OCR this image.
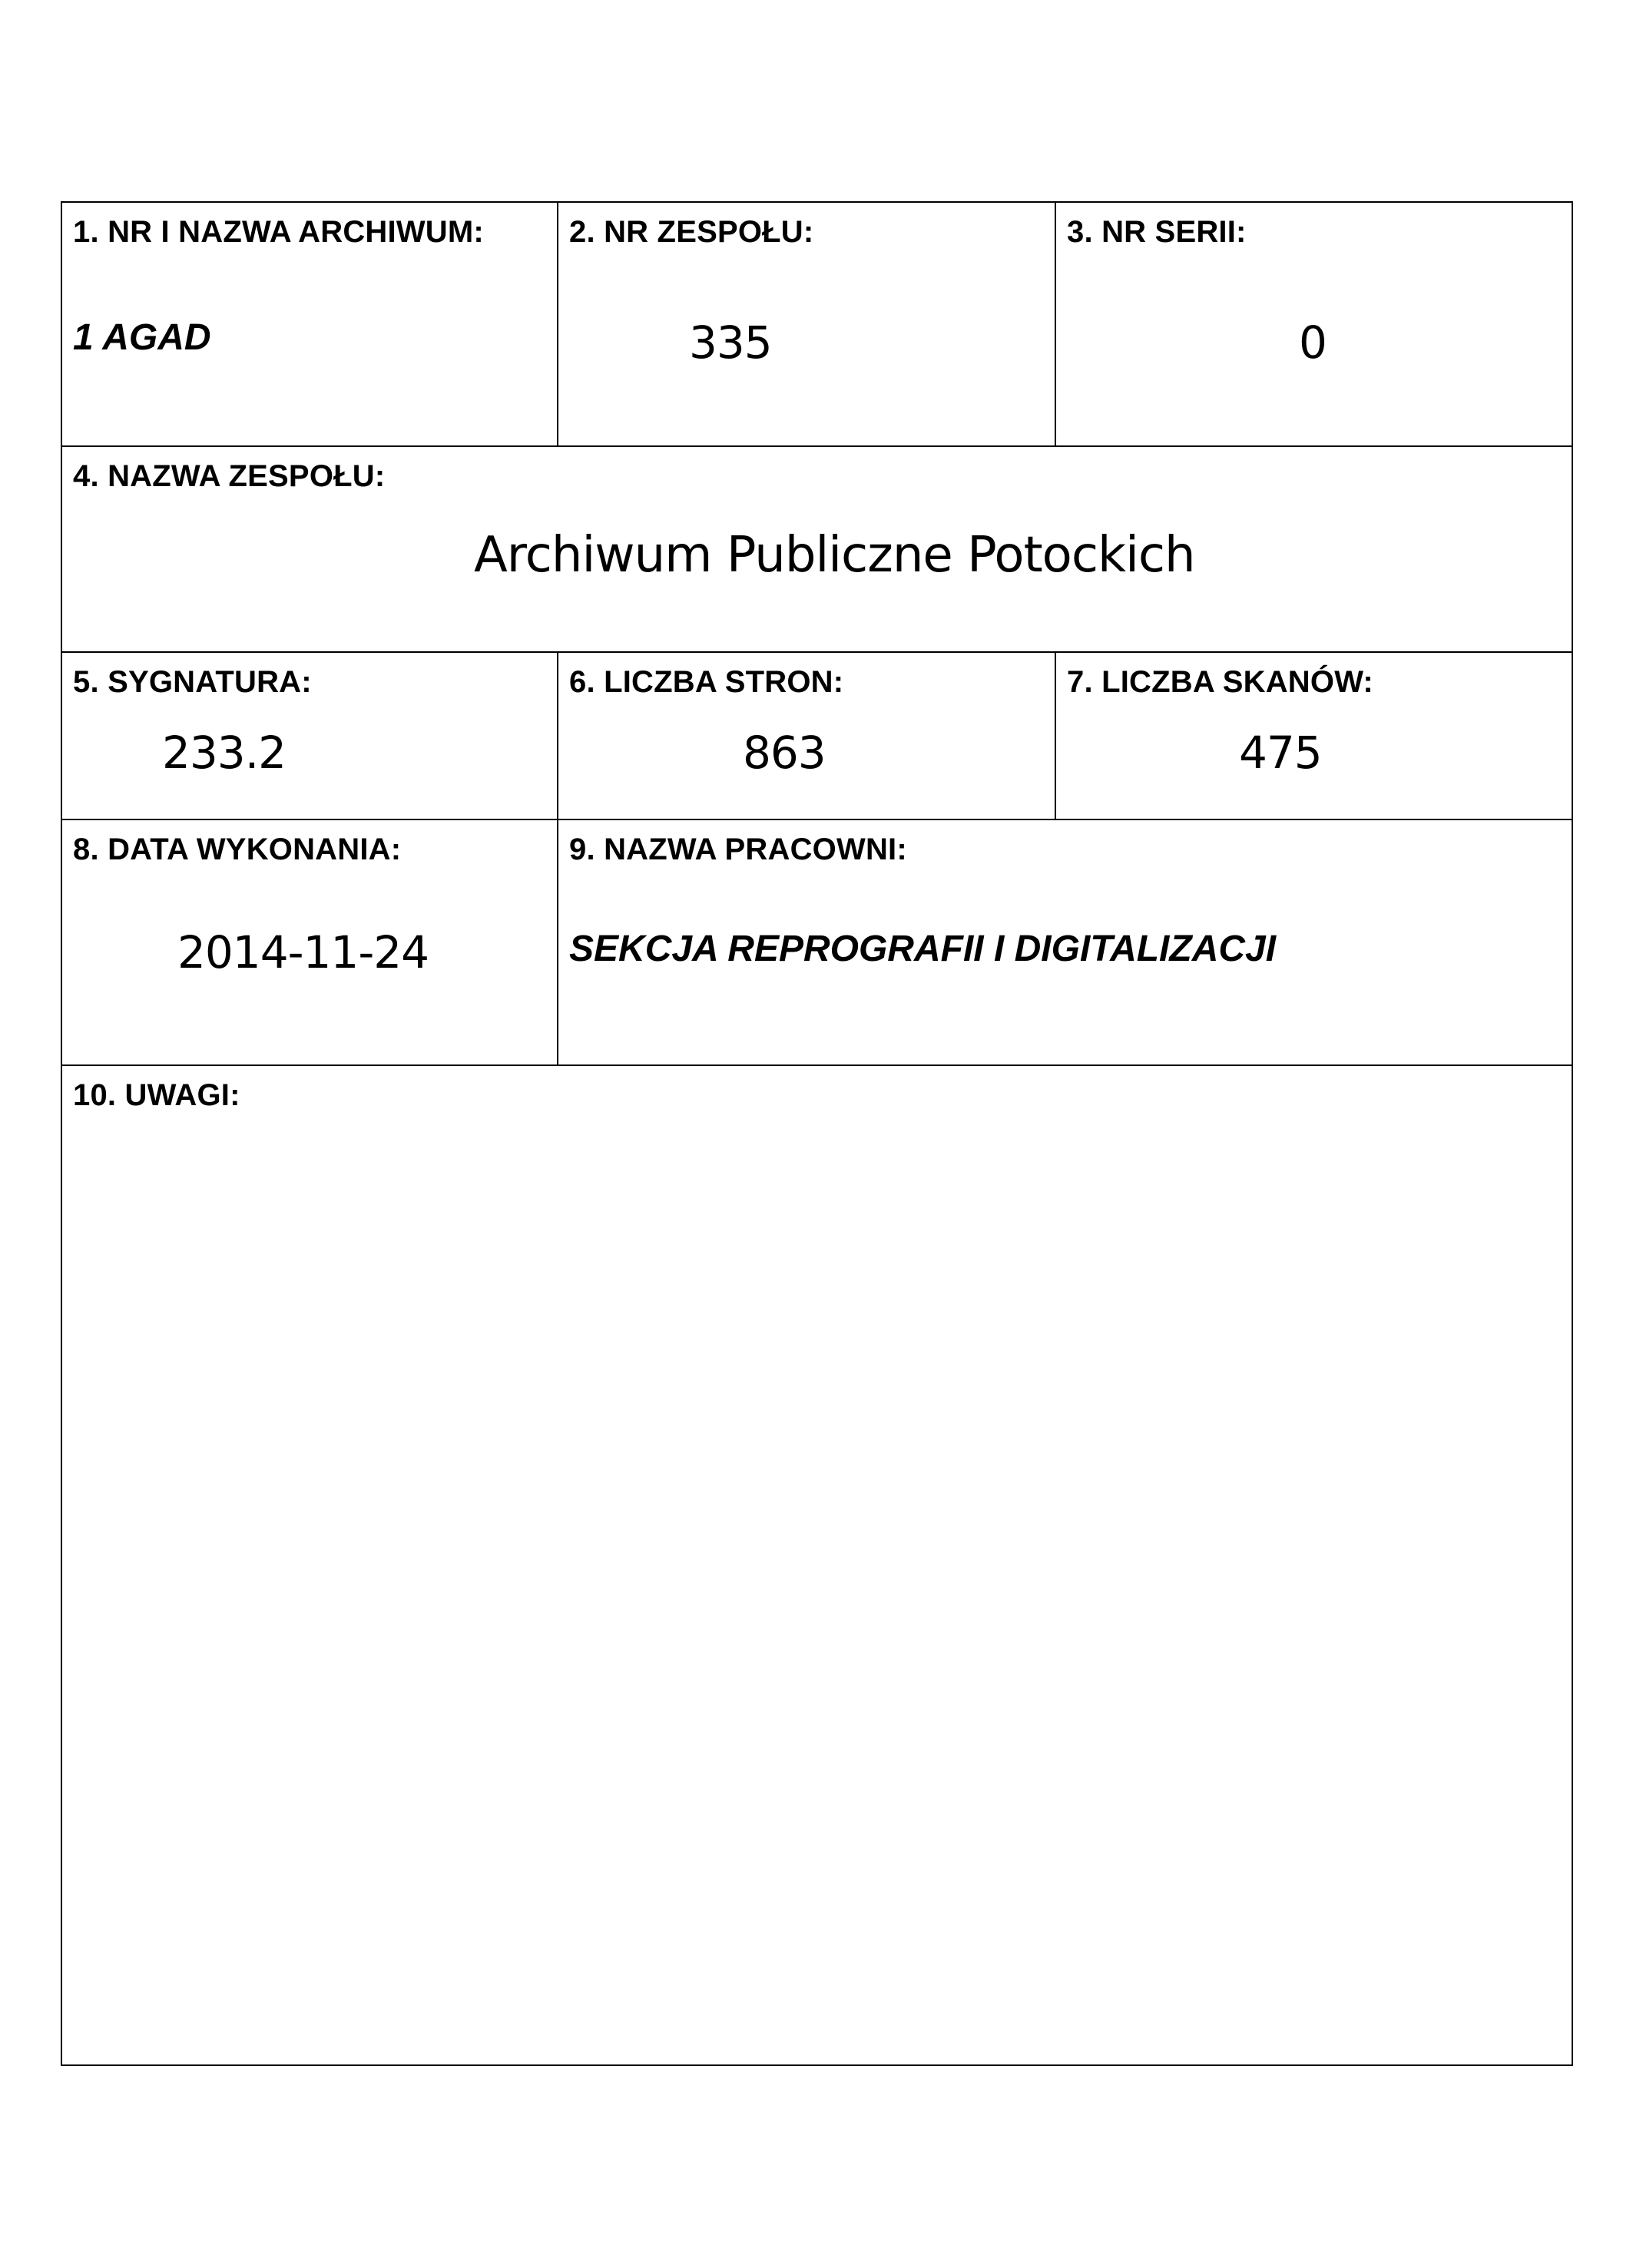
1. NR I NAZWA ARCHIWUM:
1 AGAD
2. NR ZESPOŁU:
335
3. NR SERII:
0
4. NAZWA ZESPOŁU:
Archiwum Publiczne Potockich
5. SYGNATURA:
233.2
6. LICZBA STRON:
863
7. LICZBA SKANÓW:
475
8. DATA WYKONANIA:
2014-11-24
9. NAZWA PRACOWNI:
SEKCJA REPROGRAFII I DIGITALIZACJI
10. UWAGI:
